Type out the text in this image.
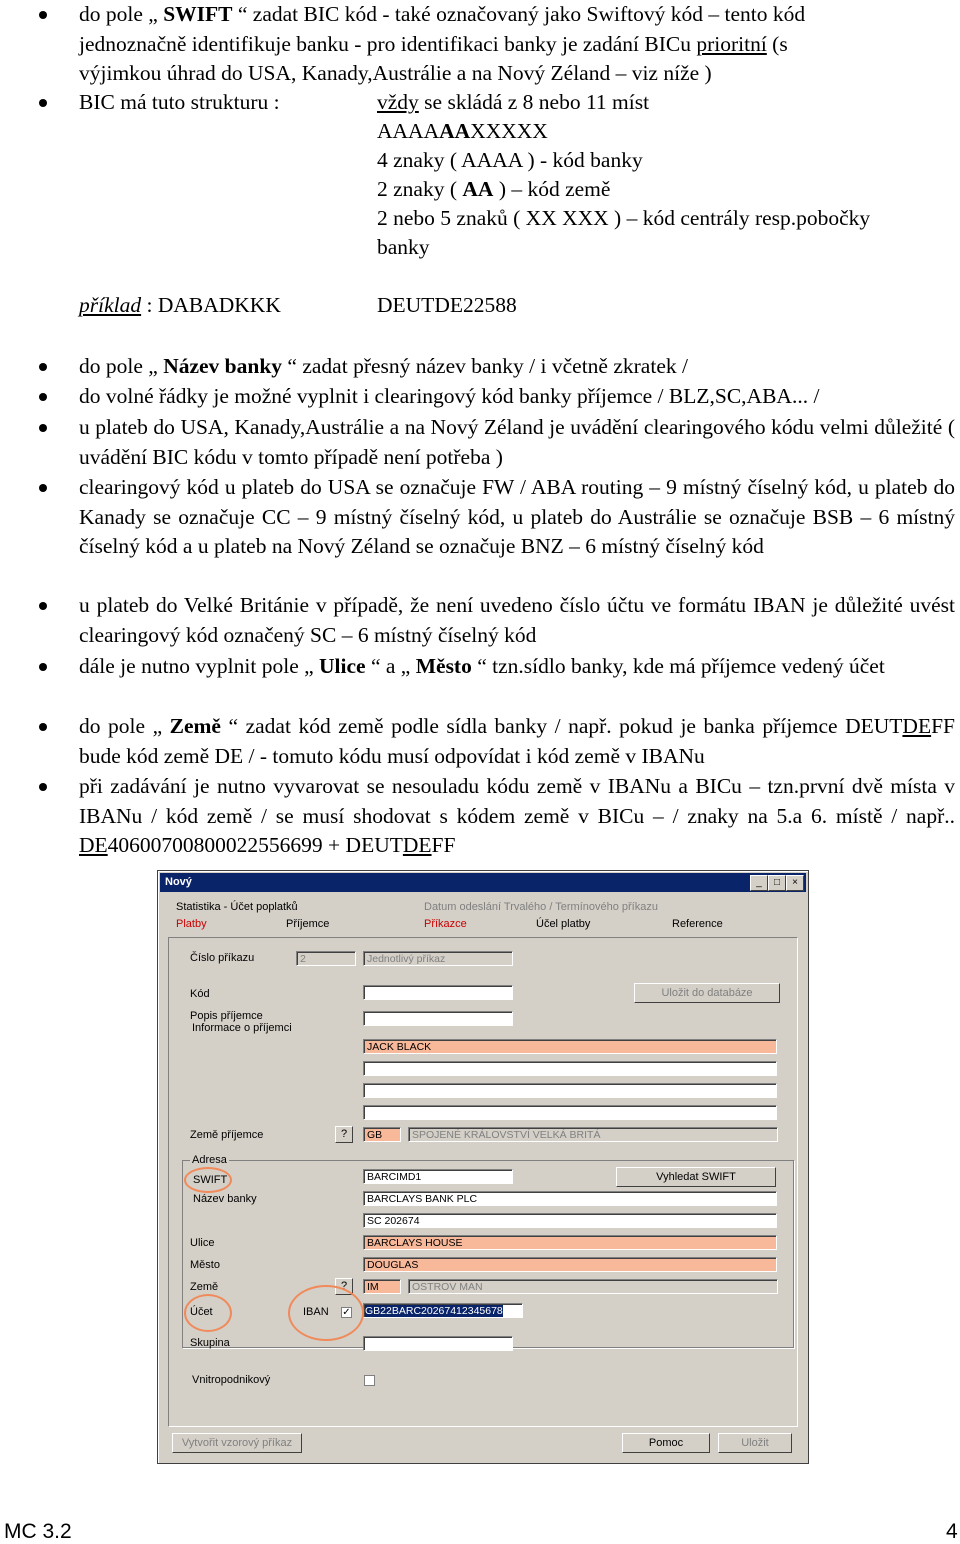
do pole „ SWIFT “ zadat BIC kód - také označovaný jako Swiftový kód – tento kód
jednoznačně identifikuje banku - pro identifikaci banky je zadání BICu prioritní (s
výjimkou úhrad do USA, Kanady,Austrálie a na Nový Zéland – viz níže )
BIC má tuto strukturu :	vždy se skládá z 8 nebo 11 míst
AAAAAAXXXXX
4 znaky ( AAAA ) - kód banky
2 znaky ( AA ) – kód země
2 nebo 5 znaků ( XX XXX ) – kód centrály resp.pobočky
banky
příklad : DABADKKK	DEUTDE22588
do pole „ Název banky “ zadat přesný název banky / i včetně zkratek /
do volné řádky je možné vyplnit i clearingový kód banky příjemce / BLZ,SC,ABA... /
u plateb do USA, Kanady,Austrálie a na Nový Zéland je uvádění clearingového kódu velmi důležité ( uvádění BIC kódu v tomto případě není potřeba )
clearingový kód u plateb do USA se označuje FW / ABA routing – 9 místný číselný kód, u plateb do Kanady se označuje CC – 9 místný číselný kód, u plateb do Austrálie se označuje BSB – 6 místný číselný kód a u plateb na Nový Zéland se označuje BNZ – 6 místný číselný kód
u plateb do Velké Británie v případě, že není uvedeno číslo účtu ve formátu IBAN je důležité uvést clearingový kód označený SC – 6 místný číselný kód
dále je nutno vyplnit pole „ Ulice “ a „ Město “ tzn.sídlo banky, kde má příjemce vedený účet
do pole „ Země “ zadat kód země podle sídla banky / např. pokud je banka příjemce DEUTDEFF bude kód země DE / - tomuto kódu musí odpovídat i kód země v IBANu
při zadávání je nutno vyvarovat se nesouladu kódu země v IBANu a BICu – tzn.první dvě místa v IBANu / kód země / se musí shodovat s kódem země v BICu – / znaky na 5.a 6. místě / např.. DE40600700800022556699 + DEUTDEFF
Nový	_	□	×
Statistika - Účet poplatků	Datum odeslání Trvalého / Termínového příkazu
Platby	Příjemce	Příkazce	Účel platby	Reference
Číslo příkazu	2	Jednotlivý příkaz
Kód	Uložit do databáze
Popis příjemce
Informace o příjemci
JACK BLACK
Země příjemce	?	GB	SPOJENÉ KRÁLOVSTVÍ VELKÁ BRITÁ
Adresa
SWIFT	BARCIMD1	Vyhledat SWIFT
Název banky	BARCLAYS BANK PLC
SC 202674
Ulice	BARCLAYS HOUSE
Město	DOUGLAS
Země	?	IM	OSTROV MAN
Účet	IBAN ✓ GB22BARC20267412345678
Skupina
Vnitropodnikový
Vytvořit vzorový příkaz	Pomoc	Uložit
MC 3.2	4
